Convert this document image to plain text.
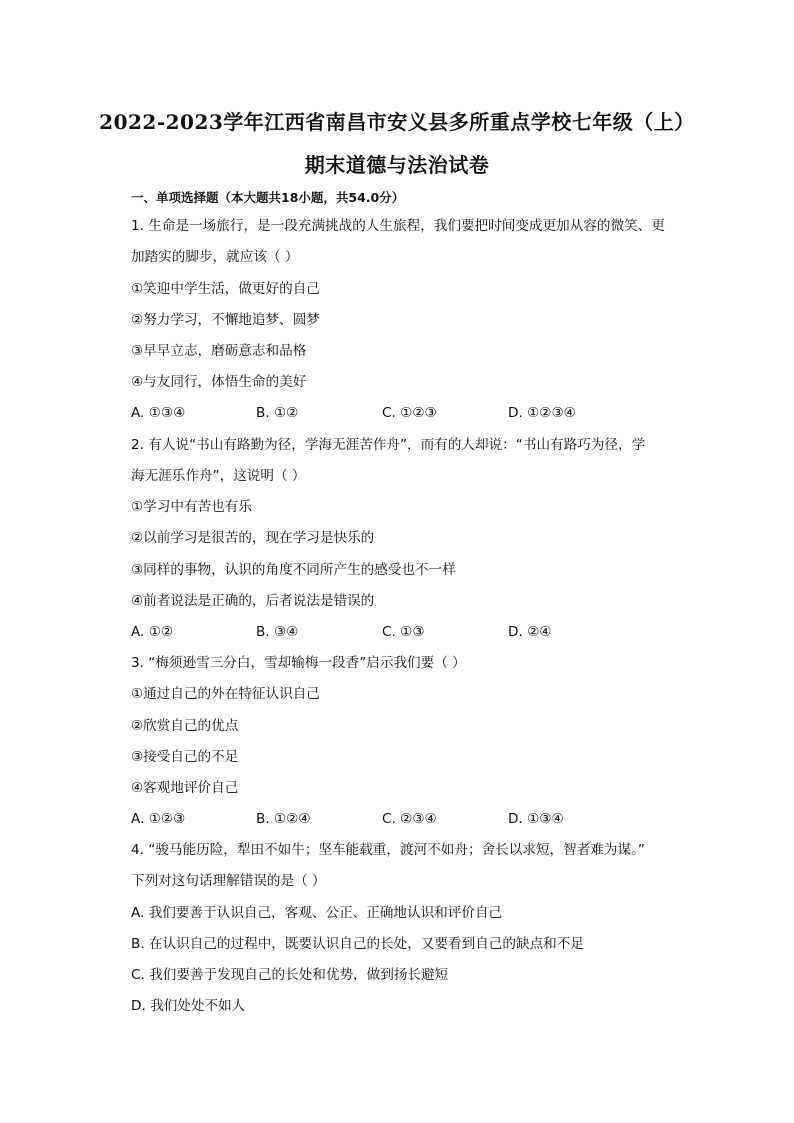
2022-2023学年江西省南昌市安义县多所重点学校七年级（上）
期末道德与法治试卷
一、单项选择题（本大题共18小题，共54.0分）
1. 生命是一场旅行，是一段充满挑战的人生旅程，我们要把时间变成更加从容的微笑、更
加踏实的脚步，就应该（ ）
①笑迎中学生活，做更好的自己
②努力学习，不懈地追梦、圆梦
③早早立志，磨砺意志和品格
④与友同行，体悟生命的美好
A. ①③④	B. ①②	C. ①②③	D. ①②③④
2. 有人说“书山有路勤为径，学海无涯苦作舟”，而有的人却说：“书山有路巧为径，学
海无涯乐作舟”，这说明（ ）
①学习中有苦也有乐
②以前学习是很苦的，现在学习是快乐的
③同样的事物，认识的角度不同所产生的感受也不一样
④前者说法是正确的，后者说法是错误的
A. ①②	B. ③④	C. ①③	D. ②④
3. “梅须逊雪三分白，雪却输梅一段香”启示我们要（ ）
①通过自己的外在特征认识自己
②欣赏自己的优点
③接受自己的不足
④客观地评价自己
A. ①②③	B. ①②④	C. ②③④	D. ①③④
4. “骏马能历险，犁田不如牛；坚车能载重，渡河不如舟；舍长以求短，智者难为谋。”
下列对这句话理解错误的是（ ）
A. 我们要善于认识自己，客观、公正、正确地认识和评价自己
B. 在认识自己的过程中，既要认识自己的长处，又要看到自己的缺点和不足
C. 我们要善于发现自己的长处和优势，做到扬长避短
D. 我们处处不如人
